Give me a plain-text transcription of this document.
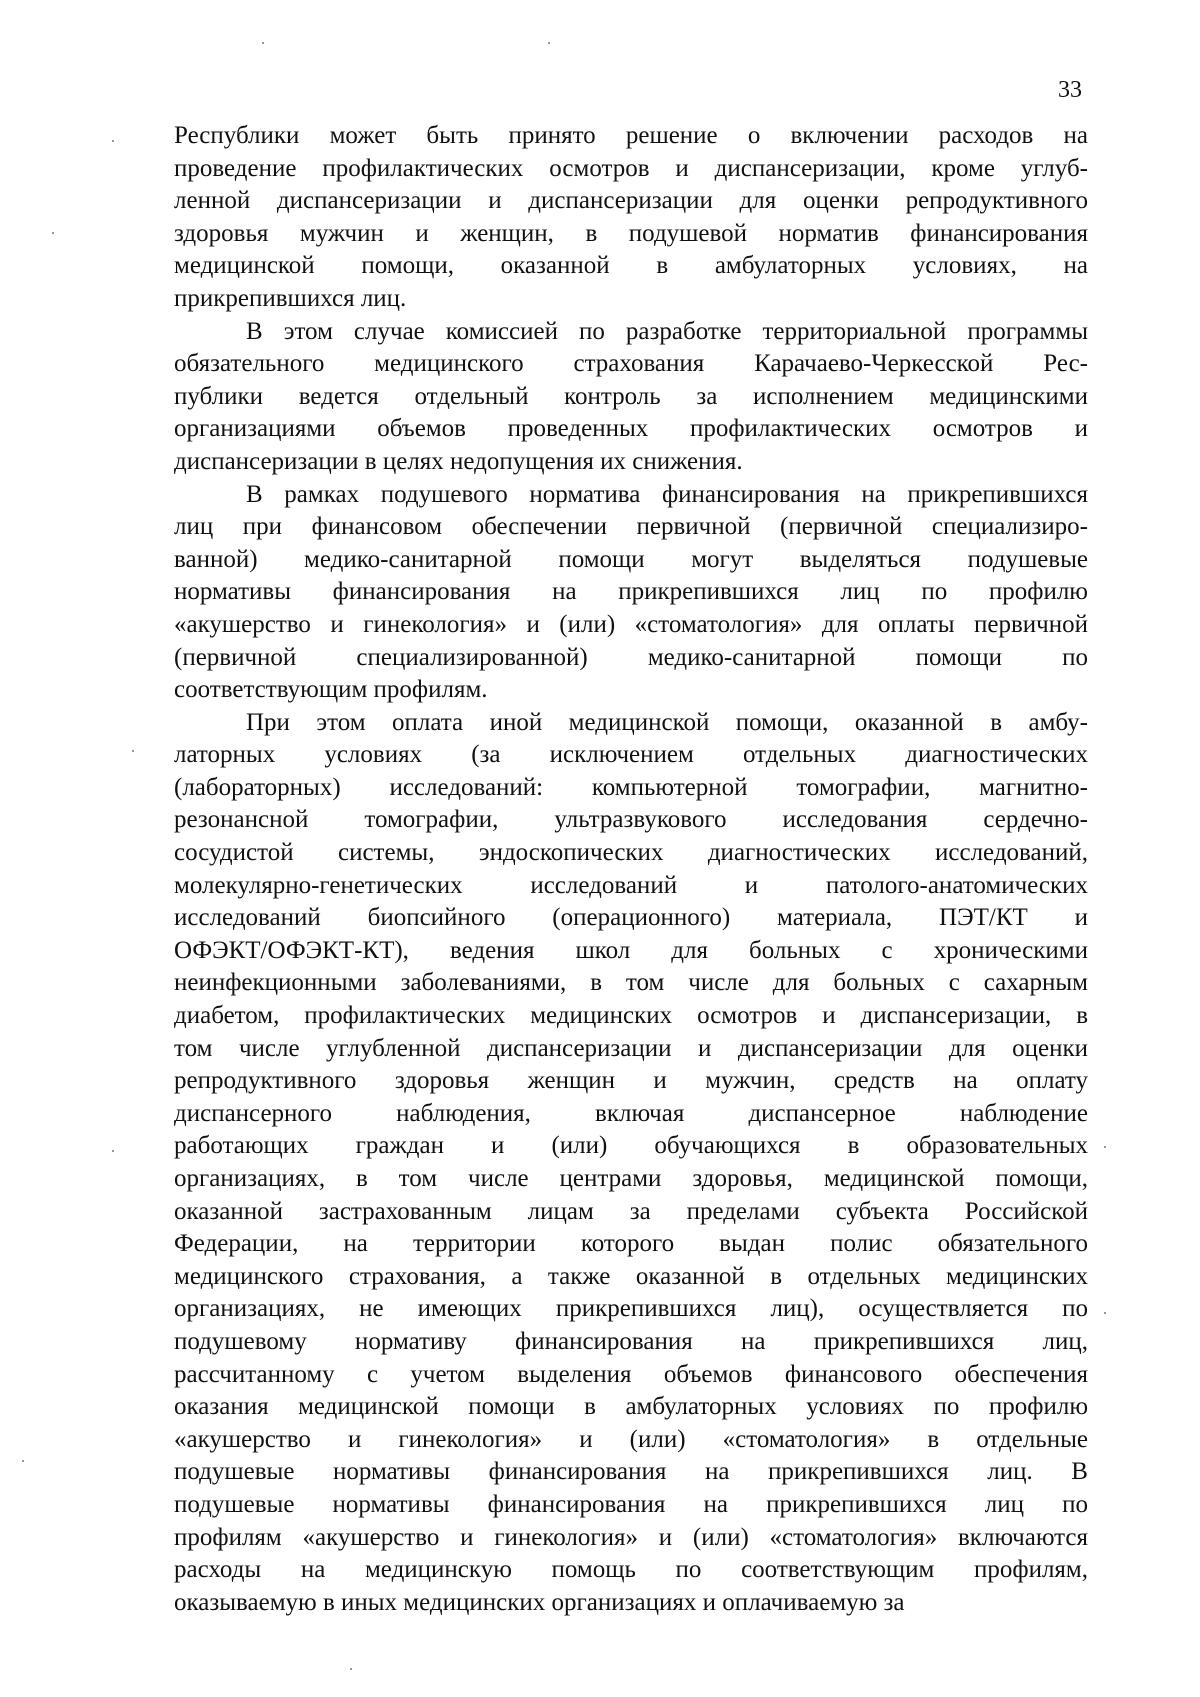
33
Республики может быть принято решение о включении расходов на
проведение профилактических осмотров и диспансеризации, кроме углуб-
ленной диспансеризации и диспансеризации для оценки репродуктивного
здоровья мужчин и женщин, в подушевой норматив финансирования
медицинской помощи, оказанной в амбулаторных условиях, на
прикрепившихся лиц.
В этом случае комиссией по разработке территориальной программы
обязательного медицинского страхования Карачаево-Черкесской Рес-
публики ведется отдельный контроль за исполнением медицинскими
организациями объемов проведенных профилактических осмотров и
диспансеризации в целях недопущения их снижения.
В рамках подушевого норматива финансирования на прикрепившихся
лиц при финансовом обеспечении первичной (первичной специализиро-
ванной) медико-санитарной помощи могут выделяться подушевые
нормативы финансирования на прикрепившихся лиц по профилю
«акушерство и гинекология» и (или) «стоматология» для оплаты первичной
(первичной специализированной) медико-санитарной помощи по
соответствующим профилям.
При этом оплата иной медицинской помощи, оказанной в амбу-
латорных условиях (за исключением отдельных диагностических
(лабораторных) исследований: компьютерной томографии, магнитно-
резонансной томографии, ультразвукового исследования сердечно-
сосудистой системы, эндоскопических диагностических исследований,
молекулярно-генетических исследований и патолого-анатомических
исследований биопсийного (операционного) материала, ПЭТ/КТ и
ОФЭКТ/ОФЭКТ-КТ), ведения школ для больных с хроническими
неинфекционными заболеваниями, в том числе для больных с сахарным
диабетом, профилактических медицинских осмотров и диспансеризации, в
том числе углубленной диспансеризации и диспансеризации для оценки
репродуктивного здоровья женщин и мужчин, средств на оплату
диспансерного наблюдения, включая диспансерное наблюдение
работающих граждан и (или) обучающихся в образовательных
организациях, в том числе центрами здоровья, медицинской помощи,
оказанной застрахованным лицам за пределами субъекта Российской
Федерации, на территории которого выдан полис обязательного
медицинского страхования, а также оказанной в отдельных медицинских
организациях, не имеющих прикрепившихся лиц), осуществляется по
подушевому нормативу финансирования на прикрепившихся лиц,
рассчитанному с учетом выделения объемов финансового обеспечения
оказания медицинской помощи в амбулаторных условиях по профилю
«акушерство и гинекология» и (или) «стоматология» в отдельные
подушевые нормативы финансирования на прикрепившихся лиц. В
подушевые нормативы финансирования на прикрепившихся лиц по
профилям «акушерство и гинекология» и (или) «стоматология» включаются
расходы на медицинскую помощь по соответствующим профилям,
оказываемую в иных медицинских организациях и оплачиваемую за
